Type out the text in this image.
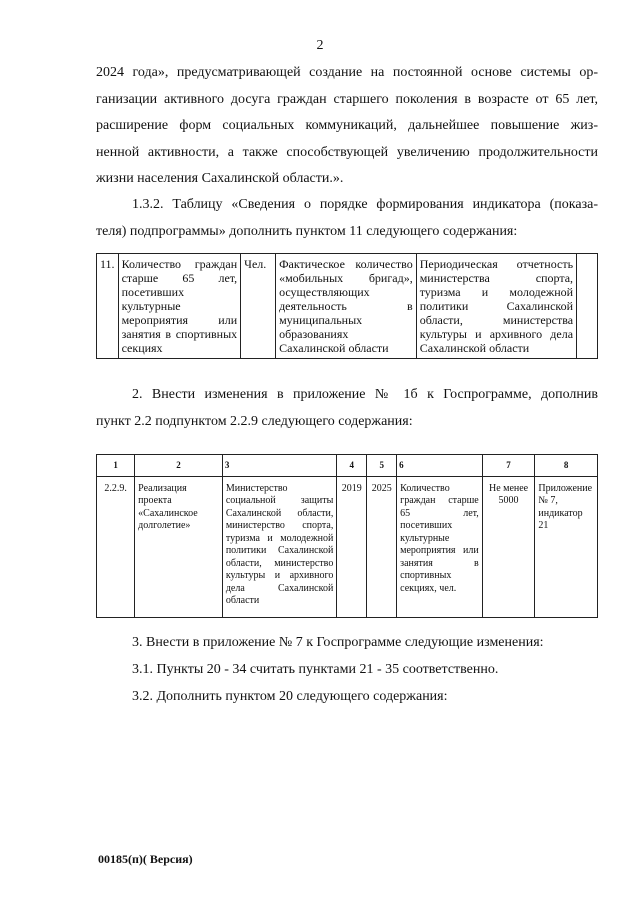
2
2024 года», предусматривающей создание на постоянной основе системы ор-
ганизации активного досуга граждан старшего поколения в возрасте от 65 лет,
расширение форм социальных коммуникаций, дальнейшее повышение жиз-
ненной активности, а также способствующей увеличению продолжительности
жизни населения Сахалинской области.».
1.3.2. Таблицу «Сведения о порядке формирования индикатора (показа-
теля) подпрограммы» дополнить пунктом 11 следующего содержания:
11.	Количество граждан старше 65 лет, посетивших культурные мероприятия или занятия в спортивных секциях	Чел.	Фактическое количество «мобильных бригад», осуществляющих деятельность в муниципальных образованиях Сахалинской области	Периодическая отчетность министерства спорта, туризма и молодежной политики Сахалинской области, министерства культуры и архивного дела Сахалинской области	
2. Внести изменения в приложение № 1б к Госпрограмме, дополнив
пункт 2.2 подпунктом 2.2.9 следующего содержания:
1	2	3	4	5	6	7	8
2.2.9.	Реализация проекта «Сахалинское долголетие»	Министерство социальной защиты Сахалинской области, министерство спорта, туризма и молодежной политики Сахалинской области, министерство культуры и архивного дела Сахалинской области	2019	2025	Количество граждан старше 65 лет, посетивших культурные мероприятия или занятия в спортивных секциях, чел.	Не менее 5000	Приложение № 7, индикатор 21
3. Внести в приложение № 7 к Госпрограмме следующие изменения:
3.1. Пункты 20 - 34 считать пунктами 21 - 35 соответственно.
3.2. Дополнить пунктом 20 следующего содержания:
00185(п)( Версия)
